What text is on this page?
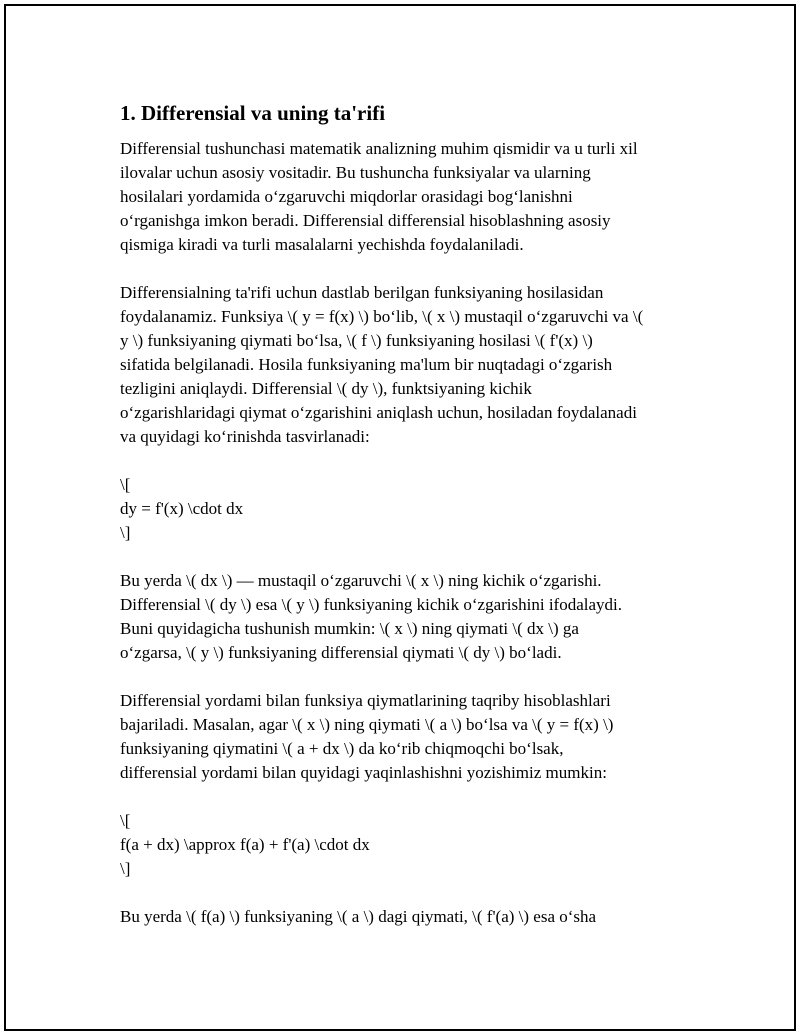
1. Differensial va uning ta'rifi

Differensial tushunchasi matematik analizning muhim qismidir va u turli xil
ilovalar uchun asosiy vositadir. Bu tushuncha funksiyalar va ularning
hosilalari yordamida o‘zgaruvchi miqdorlar orasidagi bog‘lanishni
o‘rganishga imkon beradi. Differensial differensial hisoblashning asosiy
qismiga kiradi va turli masalalarni yechishda foydalaniladi.

Differensialning ta'rifi uchun dastlab berilgan funksiyaning hosilasidan
foydalanamiz. Funksiya \( y = f(x) \) bo‘lib, \( x \) mustaqil o‘zgaruvchi va \(
y \) funksiyaning qiymati bo‘lsa, \( f \) funksiyaning hosilasi \( f'(x) \)
sifatida belgilanadi. Hosila funksiyaning ma'lum bir nuqtadagi o‘zgarish
tezligini aniqlaydi. Differensial \( dy \), funktsiyaning kichik
o‘zgarishlaridagi qiymat o‘zgarishini aniqlash uchun, hosiladan foydalanadi
va quyidagi ko‘rinishda tasvirlanadi:

\[
dy = f'(x) \cdot dx
\]

Bu yerda \( dx \) — mustaqil o‘zgaruvchi \( x \) ning kichik o‘zgarishi.
Differensial \( dy \) esa \( y \) funksiyaning kichik o‘zgarishini ifodalaydi.
Buni quyidagicha tushunish mumkin: \( x \) ning qiymati \( dx \) ga
o‘zgarsa, \( y \) funksiyaning differensial qiymati \( dy \) bo‘ladi.

Differensial yordami bilan funksiya qiymatlarining taqriby hisoblashlari
bajariladi. Masalan, agar \( x \) ning qiymati \( a \) bo‘lsa va \( y = f(x) \)
funksiyaning qiymatini \( a + dx \) da ko‘rib chiqmoqchi bo‘lsak,
differensial yordami bilan quyidagi yaqinlashishni yozishimiz mumkin:

\[
f(a + dx) \approx f(a) + f'(a) \cdot dx
\]

Bu yerda \( f(a) \) funksiyaning \( a \) dagi qiymati, \( f'(a) \) esa o‘sha
